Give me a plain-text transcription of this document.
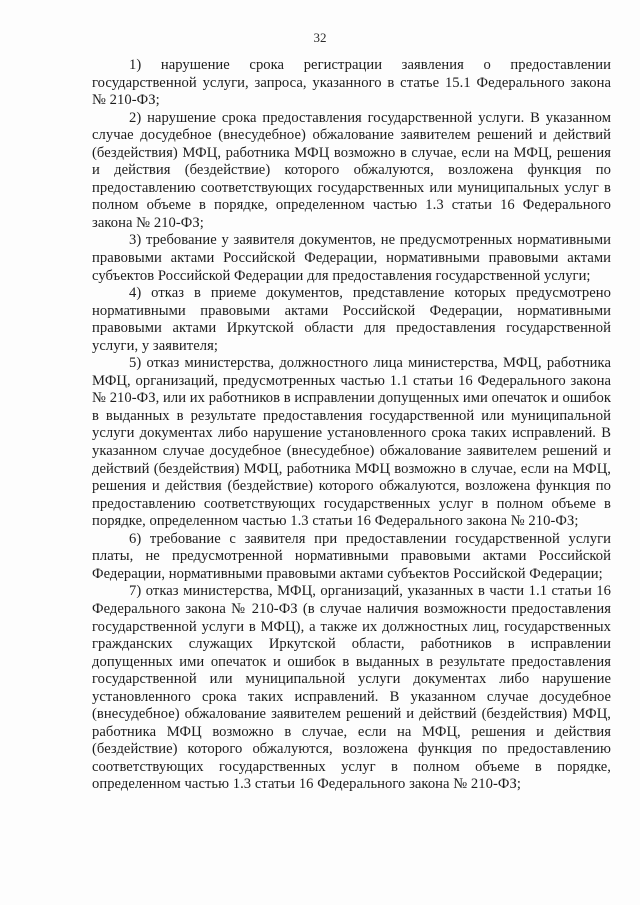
32

1) нарушение срока регистрации заявления о предоставлении государственной услуги, запроса, указанного в статье 15.1 Федерального закона № 210-ФЗ;

2) нарушение срока предоставления государственной услуги. В указанном случае досудебное (внесудебное) обжалование заявителем решений и действий (бездействия) МФЦ, работника МФЦ возможно в случае, если на МФЦ, решения и действия (бездействие) которого обжалуются, возложена функция по предоставлению соответствующих государственных или муниципальных услуг в полном объеме в порядке, определенном частью 1.3 статьи 16 Федерального закона № 210-ФЗ;

3) требование у заявителя документов, не предусмотренных нормативными правовыми актами Российской Федерации, нормативными правовыми актами субъектов Российской Федерации для предоставления государственной услуги;

4) отказ в приеме документов, представление которых предусмотрено нормативными правовыми актами Российской Федерации, нормативными правовыми актами Иркутской области для предоставления государственной услуги, у заявителя;

5) отказ министерства, должностного лица министерства, МФЦ, работника МФЦ, организаций, предусмотренных частью 1.1 статьи 16 Федерального закона № 210-ФЗ, или их работников в исправлении допущенных ими опечаток и ошибок в выданных в результате предоставления государственной или муниципальной услуги документах либо нарушение установленного срока таких исправлений. В указанном случае досудебное (внесудебное) обжалование заявителем решений и действий (бездействия) МФЦ, работника МФЦ возможно в случае, если на МФЦ, решения и действия (бездействие) которого обжалуются, возложена функция по предоставлению соответствующих государственных услуг в полном объеме в порядке, определенном частью 1.3 статьи 16 Федерального закона № 210-ФЗ;

6) требование с заявителя при предоставлении государственной услуги платы, не предусмотренной нормативными правовыми актами Российской Федерации, нормативными правовыми актами субъектов Российской Федерации;

7) отказ министерства, МФЦ, организаций, указанных в части 1.1 статьи 16 Федерального закона № 210-ФЗ (в случае наличия возможности предоставления государственной услуги в МФЦ), а также их должностных лиц, государственных гражданских служащих Иркутской области, работников в исправлении допущенных ими опечаток и ошибок в выданных в результате предоставления государственной или муниципальной услуги документах либо нарушение установленного срока таких исправлений. В указанном случае досудебное (внесудебное) обжалование заявителем решений и действий (бездействия) МФЦ, работника МФЦ возможно в случае, если на МФЦ, решения и действия (бездействие) которого обжалуются, возложена функция по предоставлению соответствующих государственных услуг в полном объеме в порядке, определенном частью 1.3 статьи 16 Федерального закона № 210-ФЗ;
